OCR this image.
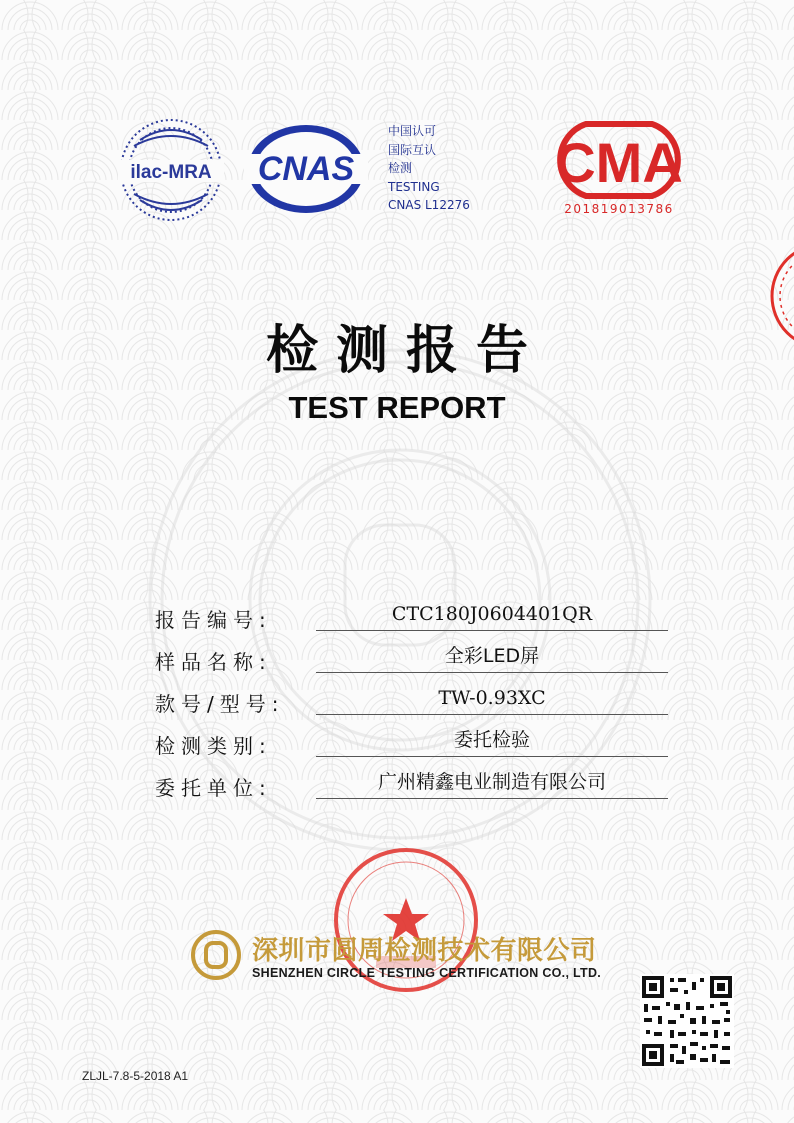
ilac-MRA CNAS
中国认可
国际互认
检测
TESTING
CNAS L12276
CMA
201819013786
检测报告
TEST REPORT
报告编号:	CTC180J0604401QR
样品名称:	全彩LED屏
款号/型号:	TW-0.93XC
检测类别:	委托检验
委托单位:	广州精鑫电业制造有限公司
深圳市圆周检测技术有限公司
SHENZHEN CIRCLE TESTING CERTIFICATION CO., LTD.
ZLJL-7.8-5-2018 A1
